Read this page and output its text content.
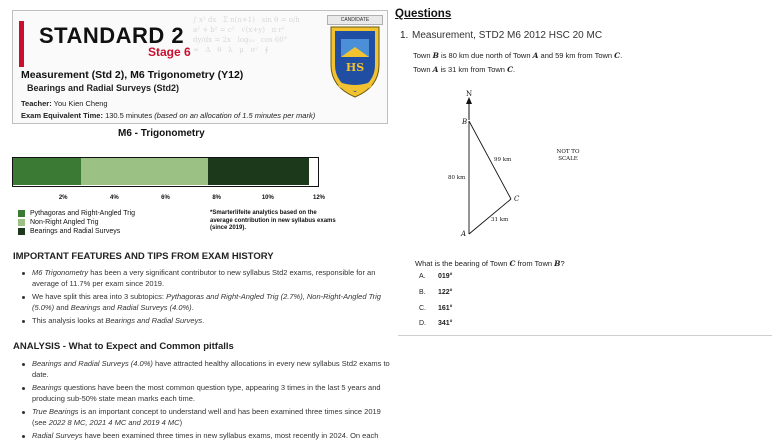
∫ x² dx   Σ n(n+1)   sin θ = o/h
a² + b² = c²   √(x+y)   π r²
dy/dx = 2x   log₁₀   cos 60°
∞   Δ   θ   λ   μ   σ²   ∮
STANDARD 2
Stage 6
Measurement (Std 2), M6 Trigonometry (Y12)
Bearings and Radial Surveys (Std2)
Teacher: You Kien Cheng
Exam Equivalent Time: 130.5 minutes (based on an allocation of 1.5 minutes per mark)
CANDIDATE
HS
M6 - Trigonometry
2%	4%	6%	8%	10%	12%
Pythagoras and Right-Angled Trig
Non-Right Angled Trig
Bearings and Radial Surveys
*Smarterlifeite analytics based on the average contribution in new syllabus exams (since 2019).
IMPORTANT FEATURES AND TIPS FROM EXAM HISTORY
M6 Trigonometry has been a very significant contributor to new syllabus Std2 exams, responsible for an average of 11.7% per exam since 2019.
We have split this area into 3 subtopics: Pythagoras and Right-Angled Trig (2.7%), Non-Right-Angled Trig (5.0%) and Bearings and Radial Surveys (4.0%).
This analysis looks at Bearings and Radial Surveys.
ANALYSIS - What to Expect and Common pitfalls
Bearings and Radial Surveys (4.0%) have attracted healthy allocations in every new syllabus Std2 exams to date.
Bearings questions have been the most common question type, appearing 3 times in the last 5 years and producing sub-50% state mean marks each time.
True Bearings is an important concept to understand well and has been examined three times since 2019 (see 2022 8 MC, 2021 4 MC and 2019 4 MC)
Radial Surveys have been examined three times in new syllabus exams, most recently in 2024. On each
Questions
1. Measurement, STD2 M6 2012 HSC 20 MC
Town B is 80 km due north of Town A and 59 km from Town C.
Town A is 31 km from Town C.
N
B
A
C
80 km
99 km
31 km
NOT TO
SCALE
What is the bearing of Town C from Town B?
A. 019°
B. 122°
C. 161°
D. 341°
